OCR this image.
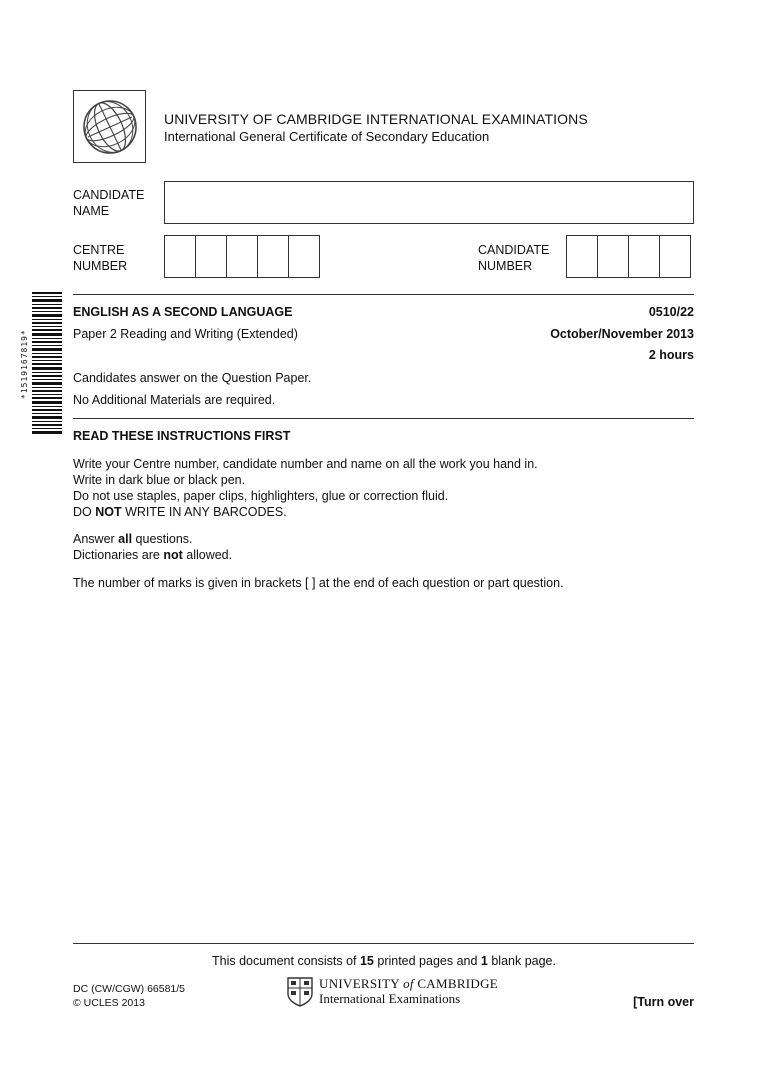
UNIVERSITY OF CAMBRIDGE INTERNATIONAL EXAMINATIONS
International General Certificate of Secondary Education
CANDIDATE
NAME
CENTRE
NUMBER
CANDIDATE
NUMBER
*1519167819*
ENGLISH AS A SECOND LANGUAGE	0510/22
Paper 2 Reading and Writing (Extended)	October/November 2013
2 hours
Candidates answer on the Question Paper.
No Additional Materials are required.
READ THESE INSTRUCTIONS FIRST
Write your Centre number, candidate number and name on all the work you hand in.
Write in dark blue or black pen.
Do not use staples, paper clips, highlighters, glue or correction fluid.
DO NOT WRITE IN ANY BARCODES.
Answer all questions.
Dictionaries are not allowed.
The number of marks is given in brackets [ ] at the end of each question or part question.
This document consists of 15 printed pages and 1 blank page.
DC (CW/CGW) 66581/5
© UCLES 2013
UNIVERSITY of CAMBRIDGE
International Examinations	[Turn over
